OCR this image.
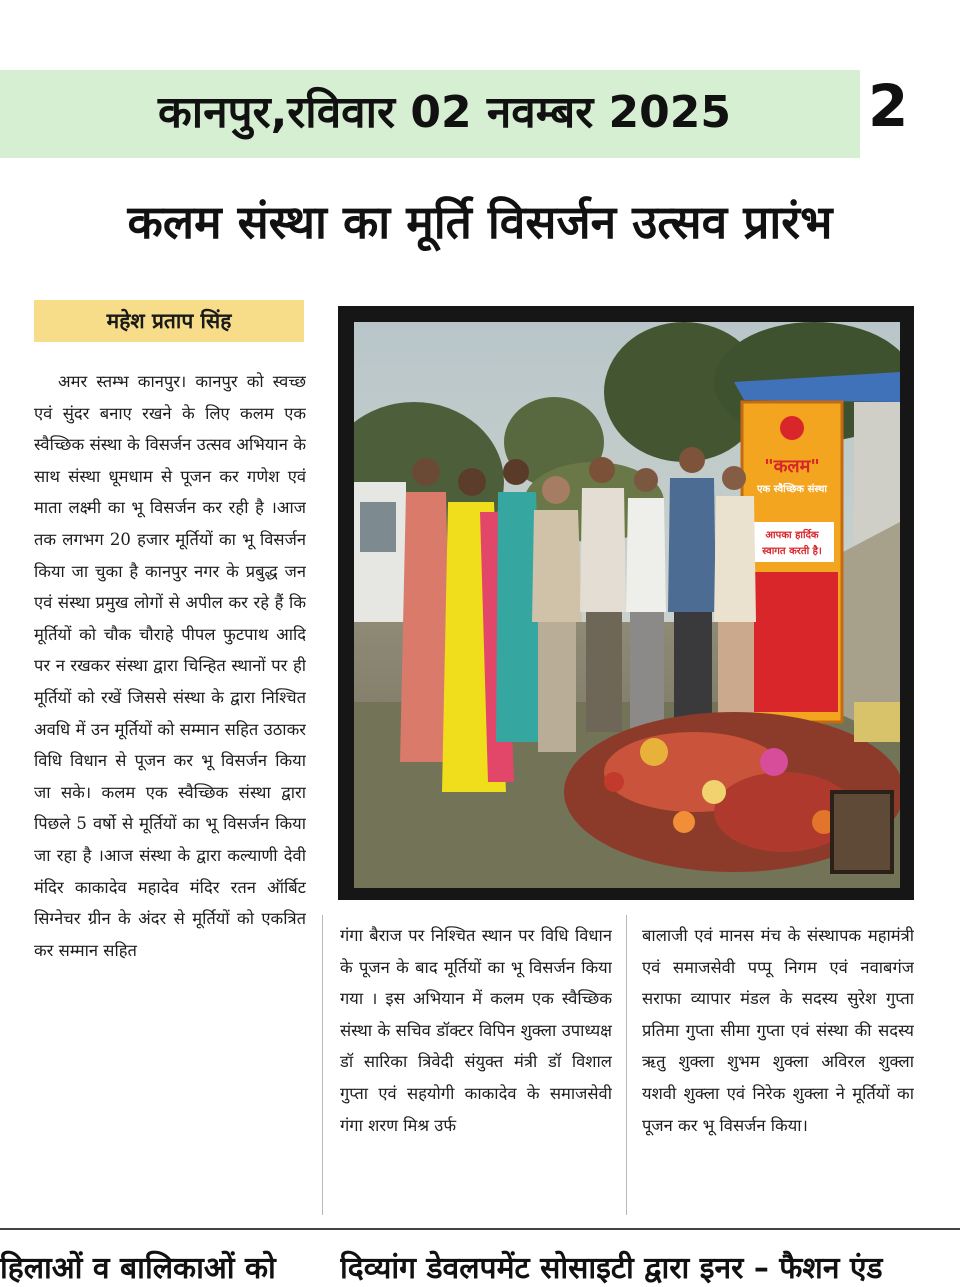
कानपुर,रविवार 02 नवम्बर 2025 2
कलम संस्था का मूर्ति विसर्जन उत्सव प्रारंभ
महेश प्रताप सिंह

अमर स्तम्भ कानपुर। कानपुर को स्वच्छ एवं सुंदर बनाए रखने के लिए कलम एक स्वैच्छिक संस्था के विसर्जन उत्सव अभियान के साथ संस्था धूमधाम से पूजन कर गणेश एवं माता लक्ष्मी का भू विसर्जन कर रही है ।आज तक लगभग 20 हजार मूर्तियों का भू विसर्जन किया जा चुका है कानपुर नगर के प्रबुद्ध जन एवं संस्था प्रमुख लोगों से अपील कर रहे हैं कि मूर्तियों को चौक चौराहे पीपल फुटपाथ आदि पर न रखकर संस्था द्वारा चिन्हित स्थानों पर ही मूर्तियों को रखें जिससे संस्था के द्वारा निश्चित अवधि में उन मूर्तियों को सम्मान सहित उठाकर विधि विधान से पूजन कर भू विसर्जन किया जा सके। कलम एक स्वैच्छिक संस्था द्वारा पिछले 5 वर्षो से मूर्तियों का भू विसर्जन किया जा रहा है ।आज संस्था के द्वारा कल्याणी देवी मंदिर काकादेव महादेव मंदिर रतन ऑर्बिट सिग्नेचर ग्रीन के अंदर से मूर्तियों को एकत्रित कर सम्मान सहित

"कलम"
एक स्वैच्छिक संस्था
आपका हार्दिक
स्वागत करती है।

गंगा बैराज पर निश्चित स्थान पर विधि विधान के पूजन के बाद मूर्तियों का भू विसर्जन किया गया । इस अभियान में कलम एक स्वैच्छिक संस्था के सचिव डॉक्टर विपिन शुक्ला उपाध्यक्ष डॉ सारिका त्रिवेदी संयुक्त मंत्री डॉ विशाल गुप्ता एवं सहयोगी काकादेव के समाजसेवी गंगा शरण मिश्र उर्फ

बालाजी एवं मानस मंच के संस्थापक महामंत्री एवं समाजसेवी पप्पू निगम एवं नवाबगंज सराफा व्यापार मंडल के सदस्य सुरेश गुप्ता प्रतिमा गुप्ता सीमा गुप्ता एवं संस्था की सदस्य ऋतु शुक्ला शुभम शुक्ला अविरल शुक्ला यशवी शुक्ला एवं निरेक शुक्ला ने मूर्तियों का पूजन कर भू विसर्जन किया।

हिलाओं व बालिकाओं को	दिव्यांग डेवलपमेंट सोसाइटी द्वारा इनर – फैशन एंड
